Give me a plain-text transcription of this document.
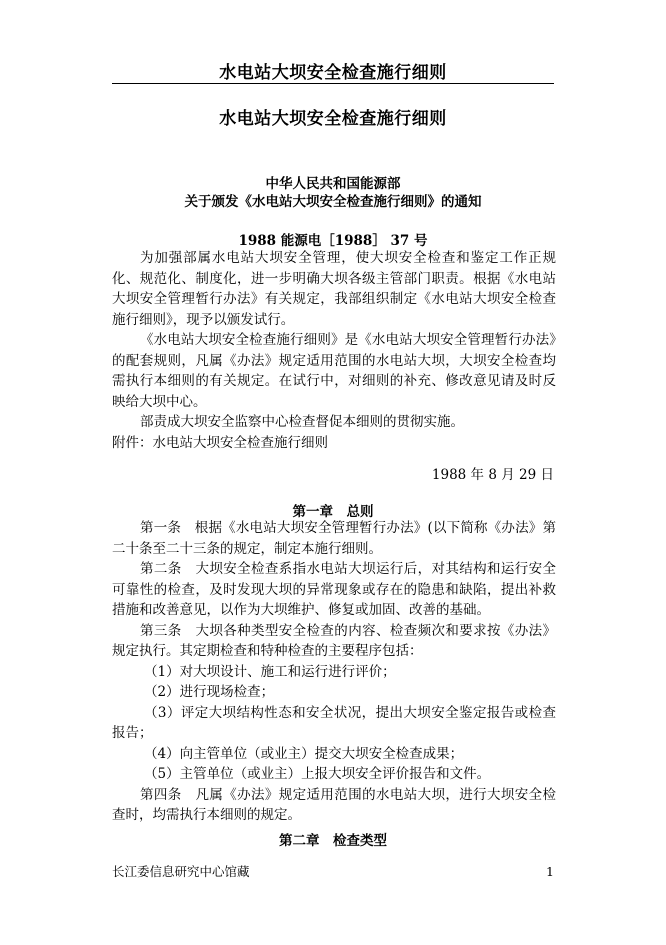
水电站大坝安全检查施行细则
水电站大坝安全检查施行细则
中华人民共和国能源部
关于颁发《水电站大坝安全检查施行细则》的通知
1988 能源电［1988］ 37 号

为加强部属水电站大坝安全管理，使大坝安全检查和鉴定工作正规化、规范化、制度化，进一步明确大坝各级主管部门职责。根据《水电站大坝安全管理暂行办法》有关规定，我部组织制定《水电站大坝安全检查施行细则》，现予以颁发试行。

《水电站大坝安全检查施行细则》是《水电站大坝安全管理暂行办法》的配套规则，凡属《办法》规定适用范围的水电站大坝，大坝安全检查均需执行本细则的有关规定。在试行中，对细则的补充、修改意见请及时反映给大坝中心。

部责成大坝安全监察中心检查督促本细则的贯彻实施。

附件：水电站大坝安全检查施行细则

1988 年 8 月 29 日
第一章　总则

第一条　根据《水电站大坝安全管理暂行办法》(以下简称《办法》第二十条至二十三条的规定，制定本施行细则。

第二条　大坝安全检查系指水电站大坝运行后，对其结构和运行安全可靠性的检查，及时发现大坝的异常现象或存在的隐患和缺陷，提出补救措施和改善意见，以作为大坝维护、修复或加固、改善的基础。

第三条　大坝各种类型安全检查的内容、检查频次和要求按《办法》规定执行。其定期检查和特种检查的主要程序包括：

（1）对大坝设计、施工和运行进行评价；

（2）进行现场检查；

（3）评定大坝结构性态和安全状况，提出大坝安全鉴定报告或检查报告；

（4）向主管单位（或业主）提交大坝安全检查成果；

（5）主管单位（或业主）上报大坝安全评价报告和文件。

第四条　凡属《办法》规定适用范围的水电站大坝，进行大坝安全检查时，均需执行本细则的规定。

第二章　检查类型
长江委信息研究中心馆藏	1
